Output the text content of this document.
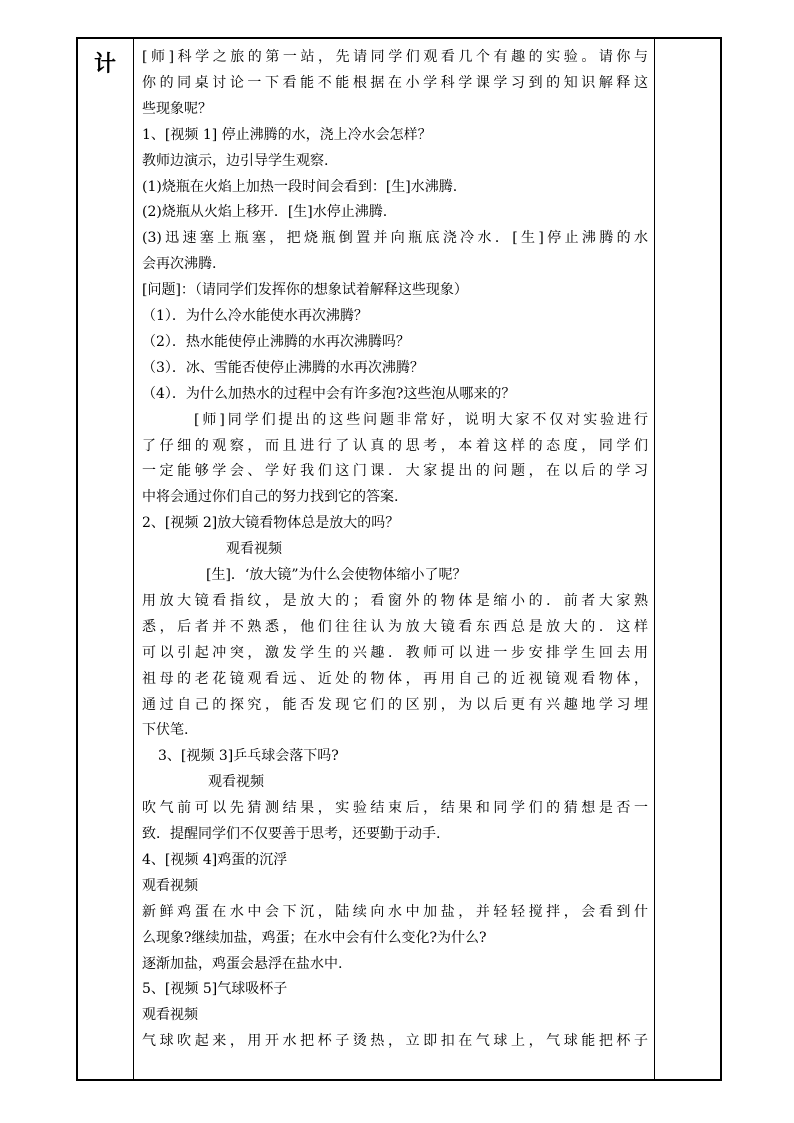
计 [师]科学之旅的第一站，先请同学们观看几个有趣的实验。请你与
你的同桌讨论一下看能不能根据在小学科学课学习到的知识解释这
些现象呢？
1、[视频 1] 停止沸腾的水，浇上冷水会怎样？
教师边演示，边引导学生观察.
(1)烧瓶在火焰上加热一段时间会看到：[生]水沸腾.
(2)烧瓶从火焰上移开．[生]水停止沸腾.
(3)迅速塞上瓶塞，把烧瓶倒置并向瓶底浇冷水．[生]停止沸腾的水
会再次沸腾.
[问题]：（请同学们发挥你的想象试着解释这些现象）
（1）．为什么冷水能使水再次沸腾？
（2）．热水能使停止沸腾的水再次沸腾吗？
（3）．冰、雪能否使停止沸腾的水再次沸腾？
（4）．为什么加热水的过程中会有许多泡?这些泡从哪来的？
[师]同学们提出的这些问题非常好，说明大家不仅对实验进行
了仔细的观察，而且进行了认真的思考，本着这样的态度，同学们
一定能够学会、学好我们这门课．大家提出的问题，在以后的学习
中将会通过你们自己的努力找到它的答案.
2、[视频 2]放大镜看物体总是放大的吗？
观看视频
[生]．‘放大镜”为什么会使物体缩小了呢？
用放大镜看指纹，是放大的；看窗外的物体是缩小的．前者大家熟
悉，后者并不熟悉，他们往往认为放大镜看东西总是放大的．这样
可以引起冲突，激发学生的兴趣．教师可以进一步安排学生回去用
祖母的老花镜观看远、近处的物体，再用自己的近视镜观看物体，
通过自己的探究，能否发现它们的区别，为以后更有兴趣地学习埋
下伏笔.
3、[视频 3]乒乓球会落下吗?
观看视频
吹气前可以先猜测结果，实验结束后，结果和同学们的猜想是否一
致．提醒同学们不仅要善于思考，还要勤于动手.
4、[视频 4]鸡蛋的沉浮
观看视频
新鲜鸡蛋在水中会下沉，陆续向水中加盐，并轻轻搅拌，会看到什
么现象?继续加盐，鸡蛋；在水中会有什么变化?为什么?
逐渐加盐，鸡蛋会悬浮在盐水中.
5、[视频 5]气球吸杯子
观看视频
气球吹起来，用开水把杯子烫热，立即扣在气球上，气球能把杯子
